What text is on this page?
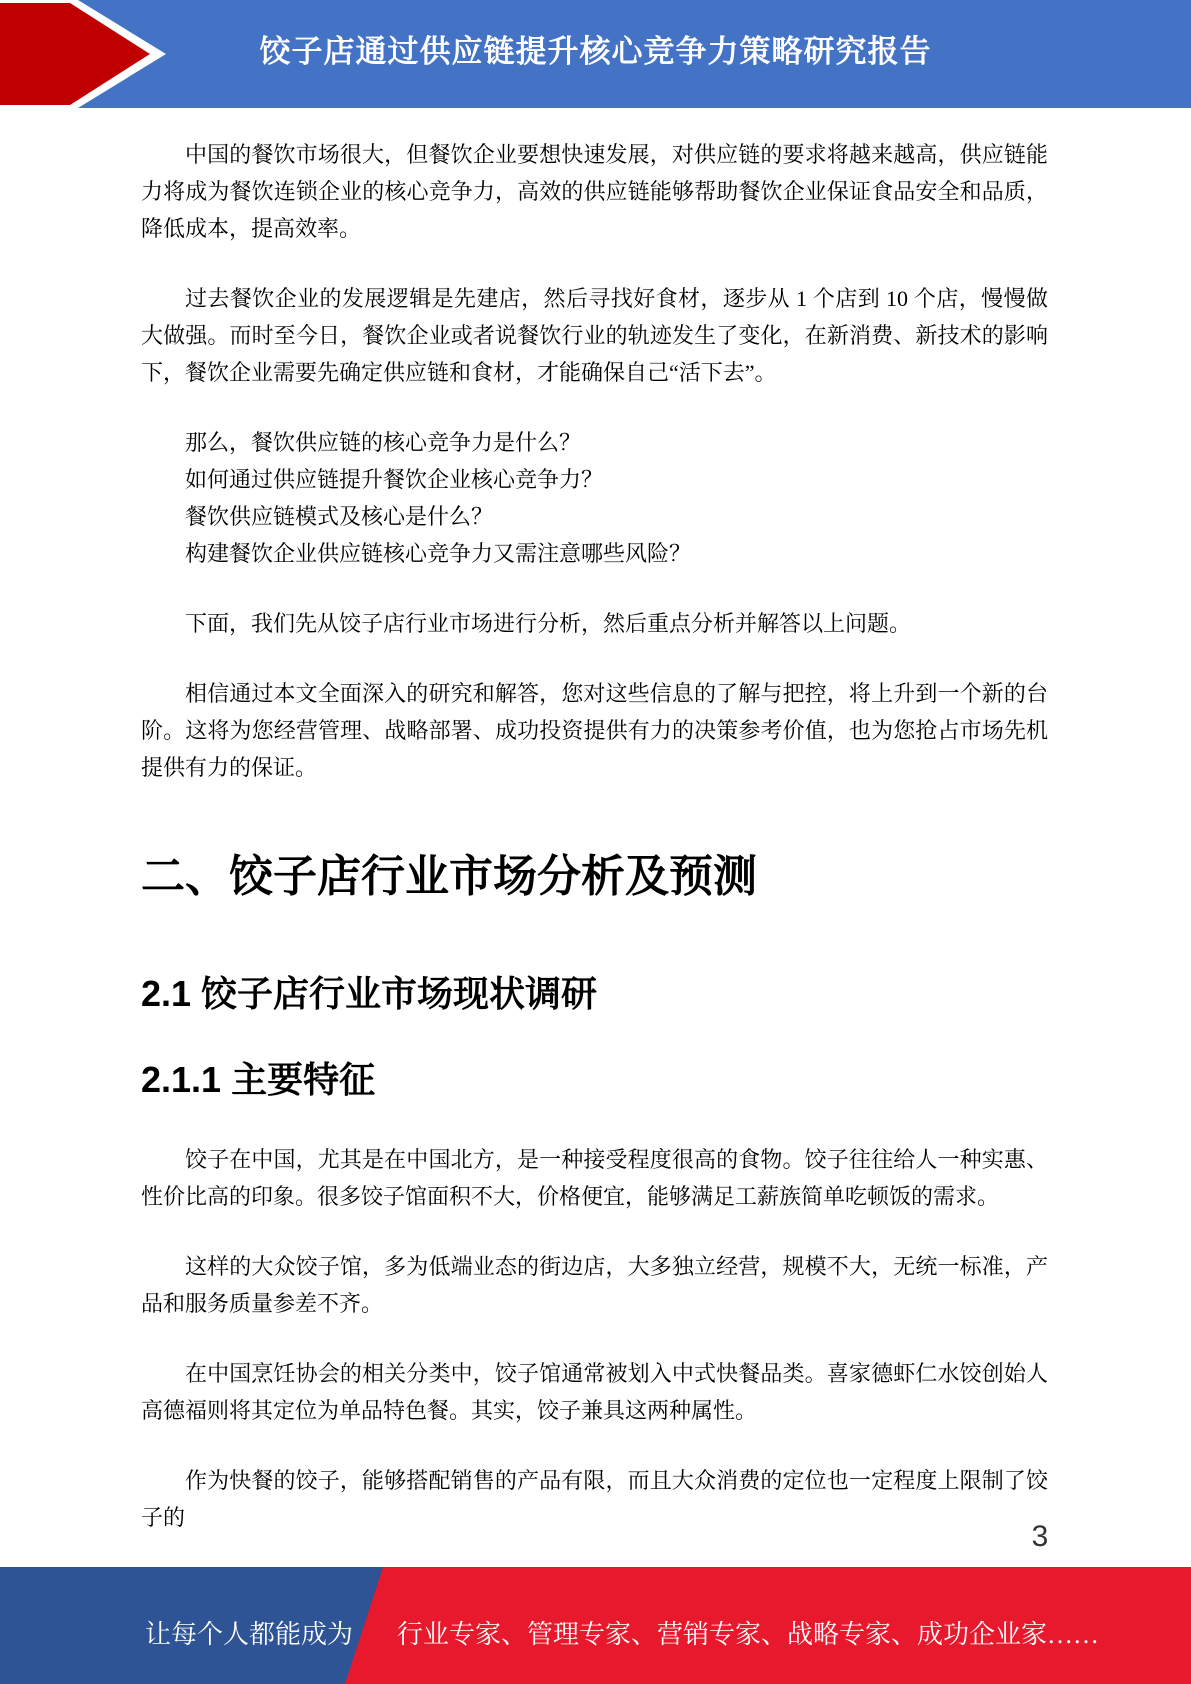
饺子店通过供应链提升核心竞争力策略研究报告

中国的餐饮市场很大，但餐饮企业要想快速发展，对供应链的要求将越来越高，供应链能力将成为餐饮连锁企业的核心竞争力，高效的供应链能够帮助餐饮企业保证食品安全和品质，降低成本，提高效率。

过去餐饮企业的发展逻辑是先建店，然后寻找好食材，逐步从 1 个店到 10 个店，慢慢做大做强。而时至今日，餐饮企业或者说餐饮行业的轨迹发生了变化，在新消费、新技术的影响下，餐饮企业需要先确定供应链和食材，才能确保自己“活下去”。

那么，餐饮供应链的核心竞争力是什么？
如何通过供应链提升餐饮企业核心竞争力？
餐饮供应链模式及核心是什么？
构建餐饮企业供应链核心竞争力又需注意哪些风险？

下面，我们先从饺子店行业市场进行分析，然后重点分析并解答以上问题。

相信通过本文全面深入的研究和解答，您对这些信息的了解与把控，将上升到一个新的台阶。这将为您经营管理、战略部署、成功投资提供有力的决策参考价值，也为您抢占市场先机提供有力的保证。

二、饺子店行业市场分析及预测
2.1 饺子店行业市场现状调研
2.1.1 主要特征

饺子在中国，尤其是在中国北方，是一种接受程度很高的食物。饺子往往给人一种实惠、性价比高的印象。很多饺子馆面积不大，价格便宜，能够满足工薪族简单吃顿饭的需求。

这样的大众饺子馆，多为低端业态的街边店，大多独立经营，规模不大，无统一标准，产品和服务质量参差不齐。

在中国烹饪协会的相关分类中，饺子馆通常被划入中式快餐品类。喜家德虾仁水饺创始人高德福则将其定位为单品特色餐。其实，饺子兼具这两种属性。

作为快餐的饺子，能够搭配销售的产品有限，而且大众消费的定位也一定程度上限制了饺子的

3
让每个人都能成为 行业专家、管理专家、营销专家、战略专家、成功企业家……
